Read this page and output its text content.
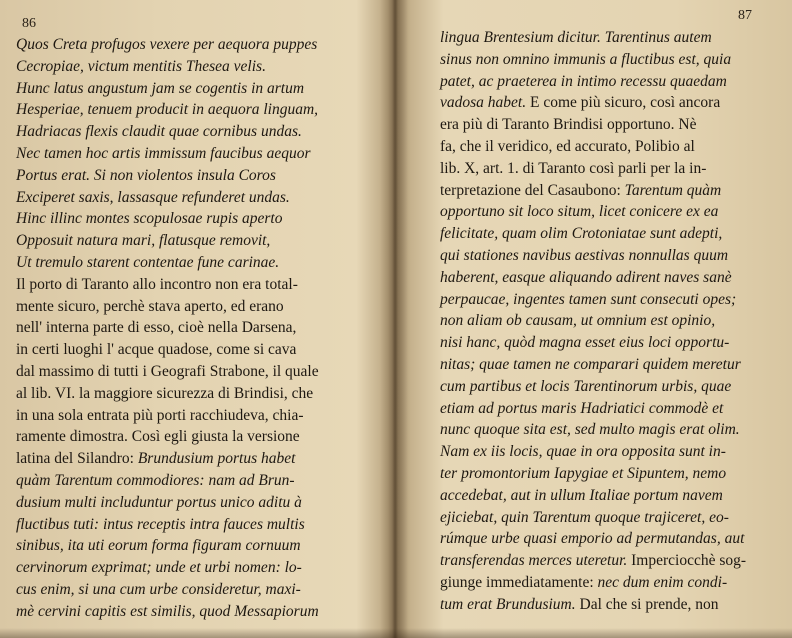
86
Quos Creta profugos vexere per aequora puppes
Cecropiae, victum mentitis Thesea velis.
Hunc latus angustum jam se cogentis in artum
Hesperiae, tenuem producit in aequora linguam,
Hadriacas flexis claudit quae cornibus undas.
Nec tamen hoc artis immissum faucibus aequor
Portus erat. Si non violentos insula Coros
Exciperet saxis, lassasque refunderet undas.
Hinc illinc montes scopulosae rupis aperto
Opposuit natura mari, flatusque removit,
Ut tremulo starent contentae fune carinae.
Il porto di Taranto allo incontro non era total-
mente sicuro, perchè stava aperto, ed erano
nell' interna parte di esso, cioè nella Darsena,
in certi luoghi l' acque quadose, come si cava
dal massimo di tutti i Geografi Strabone, il quale
al lib. VI. la maggiore sicurezza di Brindisi, che
in una sola entrata più porti racchiudeva, chia-
ramente dimostra. Così egli giusta la versione
latina del Silandro: Brundusium portus habet
quàm Tarentum commodiores: nam ad Brun-
dusium multi includuntur portus unico aditu à
fluctibus tuti: intus receptis intra fauces multis
sinibus, ita uti eorum forma figuram cornuum
cervinorum exprimat; unde et urbi nomen: lo-
cus enim, si una cum urbe consideretur, maxi-
mè cervini capitis est similis, quod Messapiorum
87
lingua Brentesium dicitur. Tarentinus autem
sinus non omnino immunis a fluctibus est, quia
patet, ac praeterea in intimo recessu quaedam
vadosa habet. E come più sicuro, così ancora
era più di Taranto Brindisi opportuno. Nè
fa, che il veridico, ed accurato, Polibio al
lib. X, art. 1. di Taranto così parli per la in-
terpretazione del Casaubono: Tarentum quàm
opportuno sit loco situm, licet conicere ex ea
felicitate, quam olim Crotoniatae sunt adepti,
qui stationes navibus aestivas nonnullas quum
haberent, easque aliquando adirent naves sanè
perpaucae, ingentes tamen sunt consecuti opes;
non aliam ob causam, ut omnium est opinio,
nisi hanc, quòd magna esset eius loci opportu-
nitas; quae tamen ne comparari quidem meretur
cum partibus et locis Tarentinorum urbis, quae
etiam ad portus maris Hadriatici commodè et
nunc quoque sita est, sed multo magis erat olim.
Nam ex iis locis, quae in ora opposita sunt in-
ter promontorium Iapygiae et Sipuntem, nemo
accedebat, aut in ullum Italiae portum navem
ejiciebat, quin Tarentum quoque trajiceret, eo-
rúmque urbe quasi emporio ad permutandas, aut
transferendas merces uteretur. Imperciocchè sog-
giunge immediatamente: nec dum enim condi-
tum erat Brundusium. Dal che si prende, non
